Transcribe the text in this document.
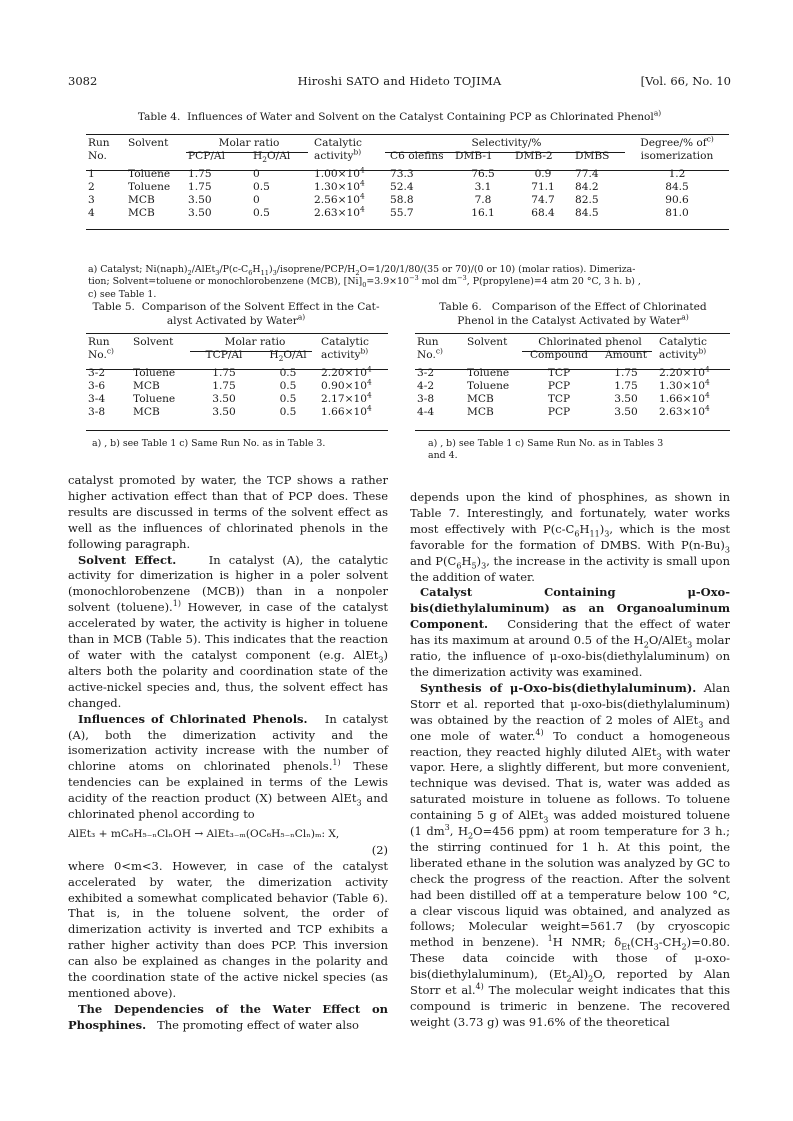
Hiroshi SATO and Hideto TOJIMA
3082	[Vol. 66, No. 10
Table 4. Influences of Water and Solvent on the Catalyst Containing PCP as Chlorinated Phenol$^{a)}$
Run	Solvent	Molar ratio		Catalytic	Selectivity/%				Degree/% $of^{c)}$
No.		PCP/Al	$H_2O/Al$	activity$^{b)}$	C6 olefins	DMB-1	DMB-2	DMBS	isomerization

1	Toluene	1.75	0	$1.00\times 10^4$	73.3	76.5	0.9	77.4	1.2
2	Toluene	1.75	0.5	$1.30\times 10^4$	52.4	3.1	71.1	84.2	84.5
3	MCB	3.50	0	$2.56\times 10^4$	58.8	7.8	74.7	82.5	90.6
4	MCB	3.50	0.5	$2.63\times 10^4$	55.7	16.1	68.4	84.5	81.0
a) Catalyst; $Ni(naph)_2/AlEt_3/P(c-C_6H_{11})_3/isoprene/PCP/H_2O=1/20/1/80/(35$ or 70)/(0 or 10) (molar ratios). Dimeriza-
tion; Solvent=toluene or monochlorobenzene (MCB), $[Ni]_0=3.9\times 10^{-3}$ mol $dm^{-3}$, P(propylene)=4 atm 20 °C, 3 h. b) ,
c) see Table 1.
Table 5. Comparison of the Solvent Effect in the Cat-
alyst Activated by Water$^{a)}$
Run	Solvent	Molar ratio		Catalytic
No.$^{c)}$		TCP/Al	$H_2O/Al$	activity$^{b)}$

3-2	Toluene	1.75	0.5	$2.20\times 10^4$
3-6	MCB	1.75	0.5	$0.90\times 10^4$
3-4	Toluene	3.50	0.5	$2.17\times 10^4$
3-8	MCB	3.50	0.5	$1.66\times 10^4$
a) , b) see Table 1 c) Same Run No. as in Table 3.
Table 6. Comparison of the Effect of Chlorinated
Phenol in the Catalyst Activated by Water$^{a)}$
Run	Solvent	Chlorinated phenol		Catalytic
No.$^{c)}$		Compound	Amount	activity$^{b)}$

3-2	Toluene	TCP	1.75	$2.20\times 10^4$
4-2	Toluene	PCP	1.75	$1.30\times 10^4$
3-8	MCB	TCP	3.50	$1.66\times 10^4$
4-4	MCB	PCP	3.50	$2.63\times 10^4$
a) , b) see Table 1 c) Same Run No. as in Tables 3
and 4.

catalyst promoted by water, the TCP shows a rather higher activation effect than that of PCP does. These results are discussed in terms of the solvent effect as well as the influences of chlorinated phenols in the following paragraph.

Solvent Effect.	In catalyst (A), the catalytic activity for dimerization is higher in a poler solvent (monochlorobenzene (MCB)) than in a nonpoler solvent (toluene).$^{1)}$ However, in case of the catalyst accelerated by water, the activity is higher in toluene than in MCB (Table 5). This indicates that the reaction of water with the catalyst component (e.g. AlEt$_3$) alters both the polarity and coordination state of the active-nickel species and, thus, the solvent effect has changed.

Influences of Chlorinated Phenols. In catalyst (A), both the dimerization activity and the isomerization activity increase with the number of chlorine atoms on chlorinated phenols.$^{1)}$ These tendencies can be explained in terms of the Lewis acidity of the reaction product (X) between AlEt$_3$ and chlorinated phenol according to

AlEt₃ + mC₆H₅₋ₙClₙOH → AlEt₃₋ₘ(OC₆H₅₋ₙClₙ)ₘ: X,

(2)

where 0<m<3. However, in case of the catalyst accelerated by water, the dimerization activity exhibited a somewhat complicated behavior (Table 6). That is, in the toluene solvent, the order of dimerization activity is inverted and TCP exhibits a rather higher activity than does PCP. This inversion can also be explained as changes in the polarity and the coordination state of the active nickel species (as mentioned above).

The Dependencies of the Water Effect on Phosphines. The promoting effect of water also

depends upon the kind of phosphines, as shown in Table 7. Interestingly, and fortunately, water works most effectively with $P(c-C_6H_{11})_3$, which is the most favorable for the formation of DMBS. With $P(n-Bu)_3$ and $P(C_6H_5)_3$, the increase in the activity is small upon the addition of water.

Catalyst Containing μ-Oxo-bis(diethylaluminum) as an Organoaluminum Component. Considering that the effect of water has its maximum at around 0.5 of the $H_2O/AlEt_3$ molar ratio, the influence of μ-oxo-bis(diethylaluminum) on the dimerization activity was examined.

Synthesis of μ-Oxo-bis(diethylaluminum). Alan Storr et al. reported that μ-oxo-bis(diethylaluminum) was obtained by the reaction of 2 moles of AlEt$_3$ and one mole of water.$^{4)}$ To conduct a homogeneous reaction, they reacted highly diluted AlEt$_3$ with water vapor. Here, a slightly different, but more convenient, technique was devised. That is, water was added as saturated moisture in toluene as follows. To toluene containing 5 g of AlEt$_3$ was added moistured toluene (1 $dm^3$, $H_2O=456$ ppm) at room temperature for 3 h.; the stirring continued for 1 h. At this point, the liberated ethane in the solution was analyzed by GC to check the progress of the reaction. After the solvent had been distilled off at a temperature below 100 °C, a clear viscous liquid was obtained, and analyzed as follows; Molecular weight=561.7 (by cryoscopic method in benzene). $^1$H NMR; $\delta_{Et}(CH_3-CH_2)=0.80$. These data coincide with those of μ-oxo-bis(diethylaluminum), $(Et_2Al)_2O$, reported by Alan Storr et al.$^{4)}$ The molecular weight indicates that this compound is trimeric in benzene. The recovered weight (3.73 g) was 91.6% of the theoretical
